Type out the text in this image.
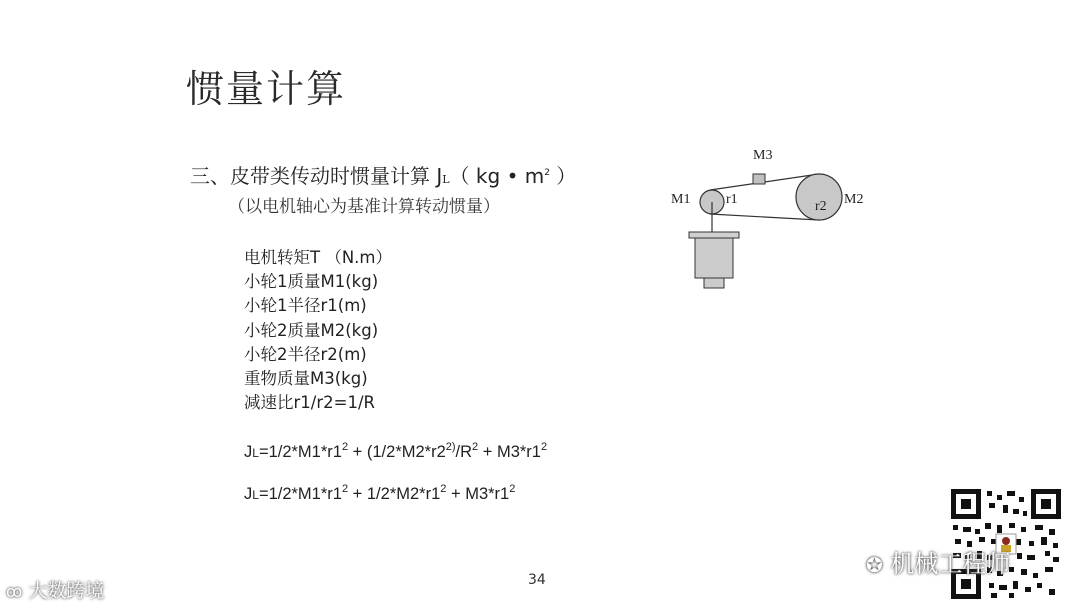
惯量计算
三、皮带类传动时惯量计算 JL（ kg • $m^2$ ）
（以电机轴心为基准计算转动惯量）
电机转矩T （N.m）
小轮1质量M1(kg)
小轮1半径r1(m)
小轮2质量M2(kg)
小轮2半径r2(m)
重物质量M3(kg)
减速比r1/r2=1/R
$JL=1/2*M1*r1^2 + (1/2*M2*r2^{2)}/R^2 + M3*r1^2$
$JL=1/2*M1*r1^2 + 1/2*M2*r1^2 + M3*r1^2$
M3
M1	r1	r2 M2
34
✪ 机械工程师
ꝏ 大数跨境
